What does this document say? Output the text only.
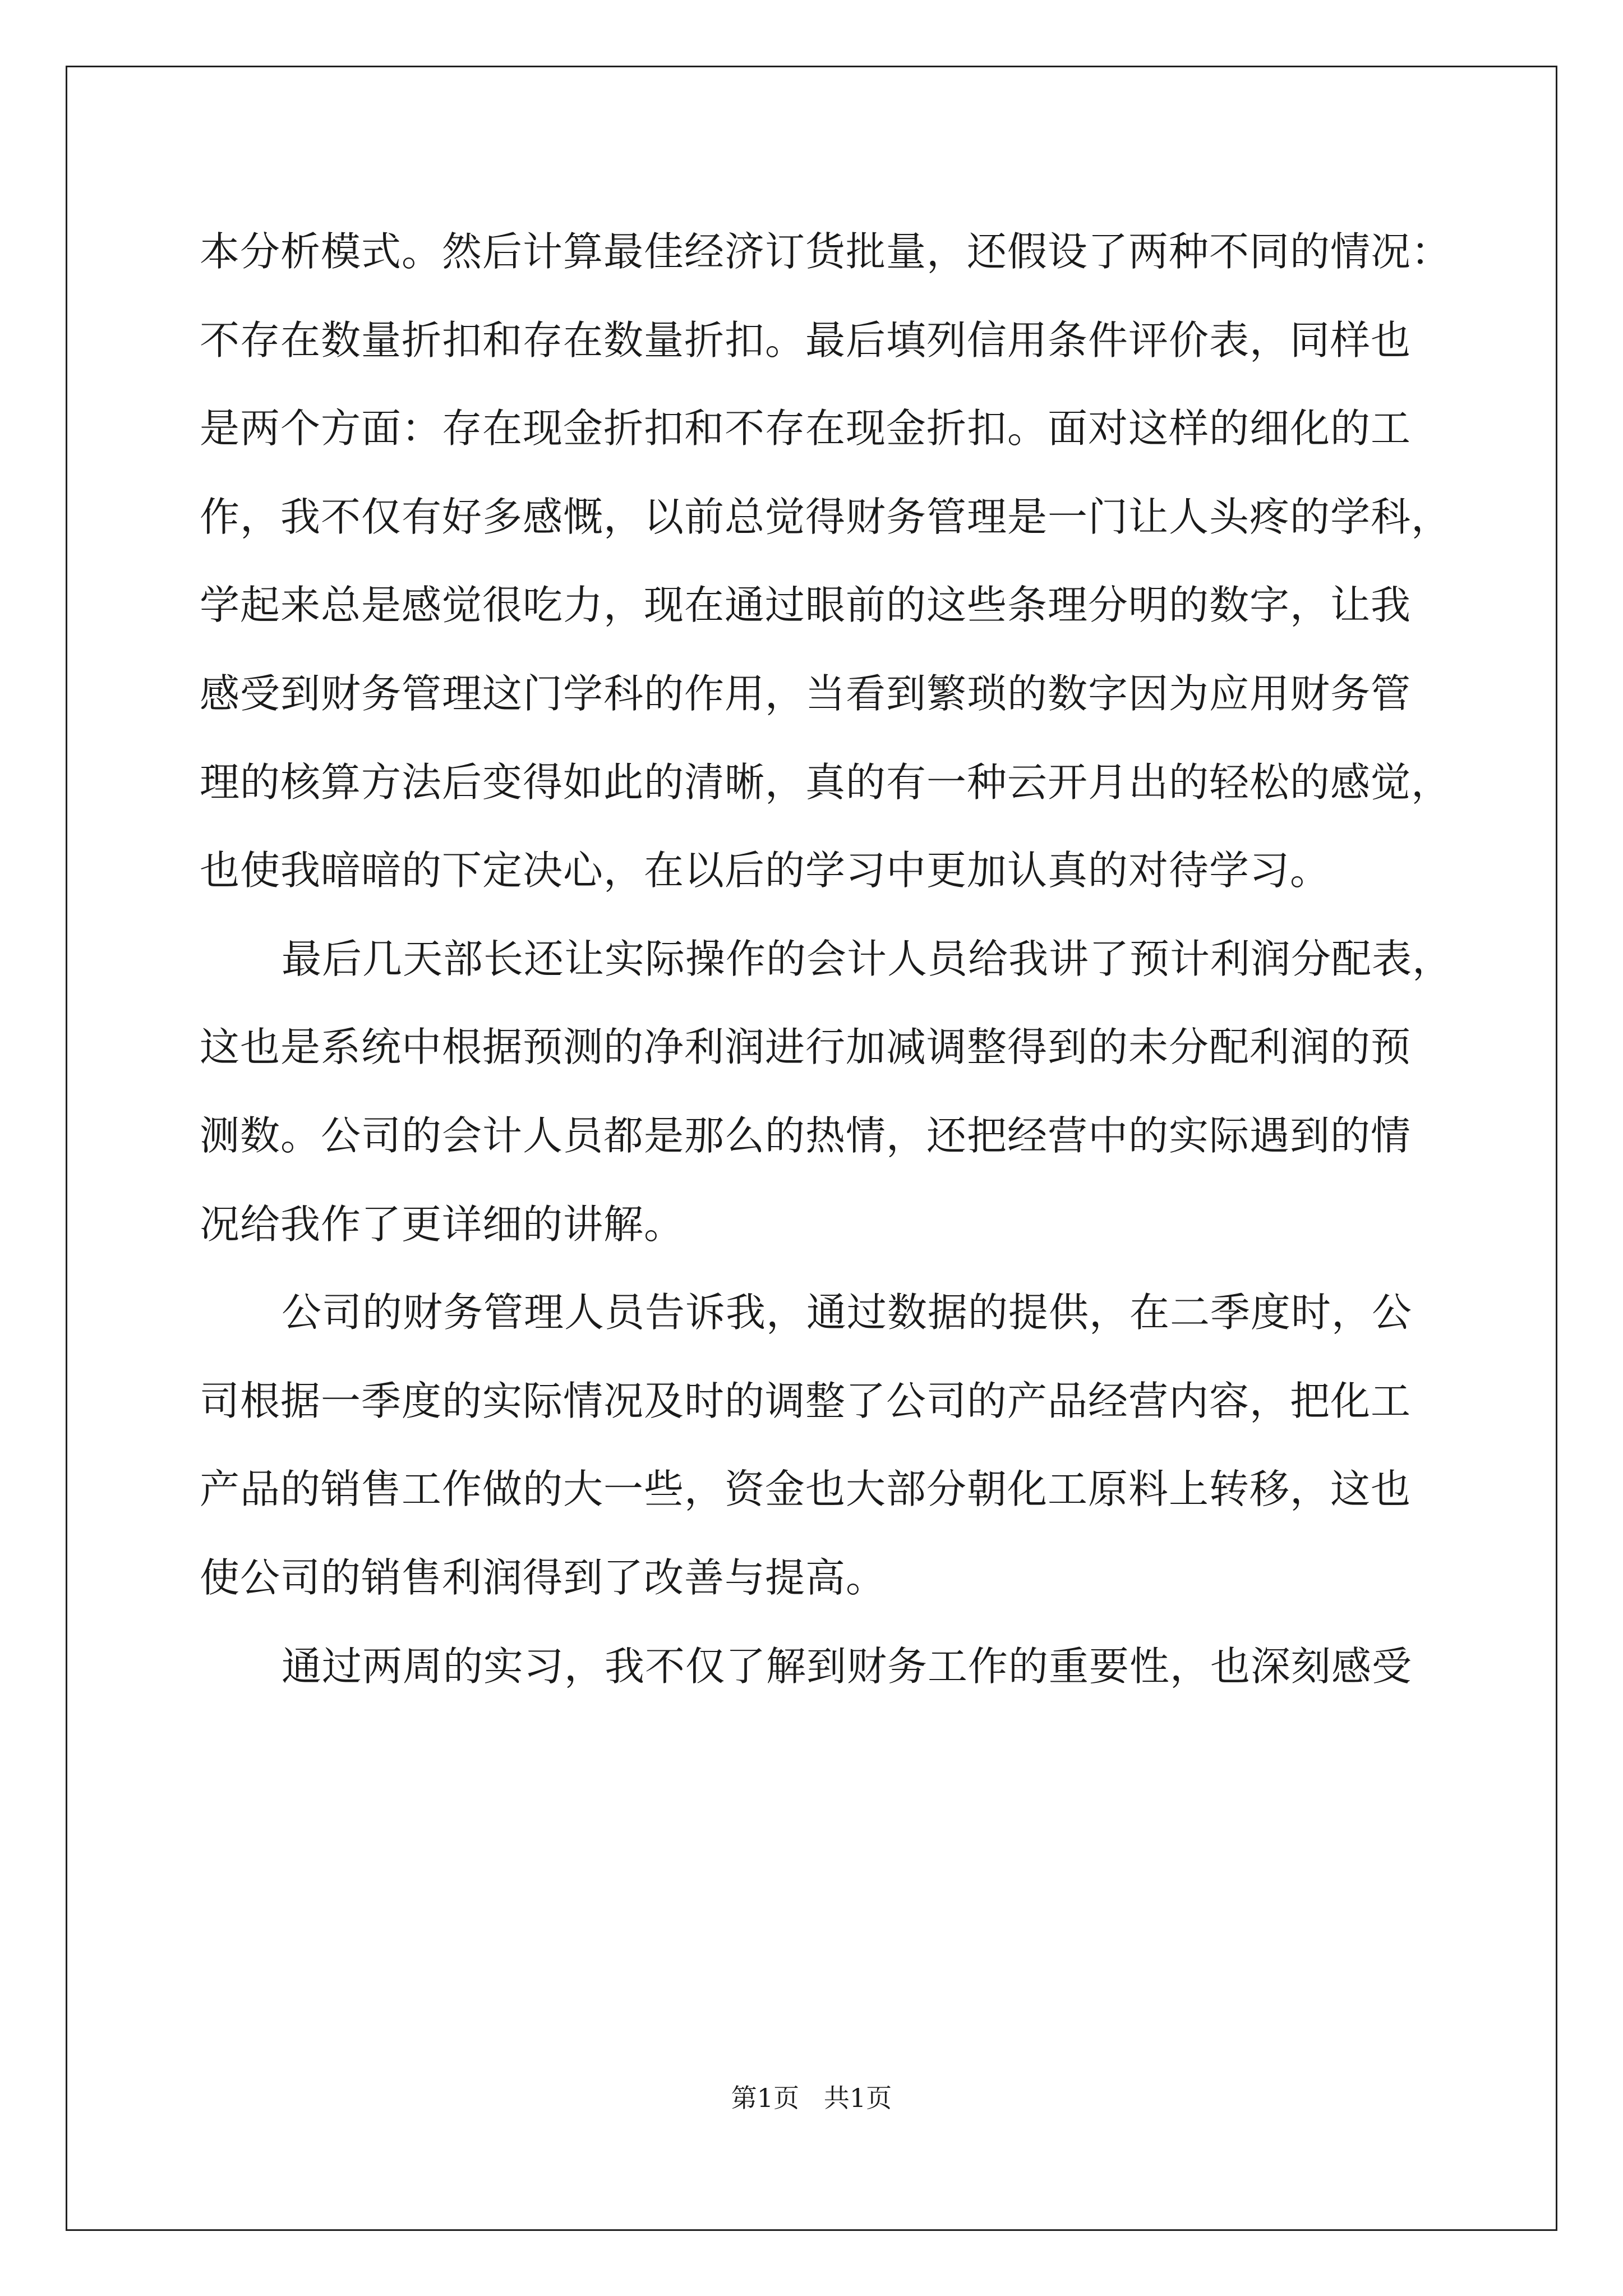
本分析模式。然后计算最佳经济订货批量，还假设了两种不同的情况：
不存在数量折扣和存在数量折扣。最后填列信用条件评价表，同样也
是两个方面：存在现金折扣和不存在现金折扣。面对这样的细化的工
作，我不仅有好多感慨，以前总觉得财务管理是一门让人头疼的学科，
学起来总是感觉很吃力，现在通过眼前的这些条理分明的数字，让我
感受到财务管理这门学科的作用，当看到繁琐的数字因为应用财务管
理的核算方法后变得如此的清晰，真的有一种云开月出的轻松的感觉，
也使我暗暗的下定决心，在以后的学习中更加认真的对待学习。
最后几天部长还让实际操作的会计人员给我讲了预计利润分配表，
这也是系统中根据预测的净利润进行加减调整得到的未分配利润的预
测数。公司的会计人员都是那么的热情，还把经营中的实际遇到的情
况给我作了更详细的讲解。
公司的财务管理人员告诉我，通过数据的提供，在二季度时，公
司根据一季度的实际情况及时的调整了公司的产品经营内容，把化工
产品的销售工作做的大一些，资金也大部分朝化工原料上转移，这也
使公司的销售利润得到了改善与提高。
通过两周的实习，我不仅了解到财务工作的重要性，也深刻感受
第1页   共1页
